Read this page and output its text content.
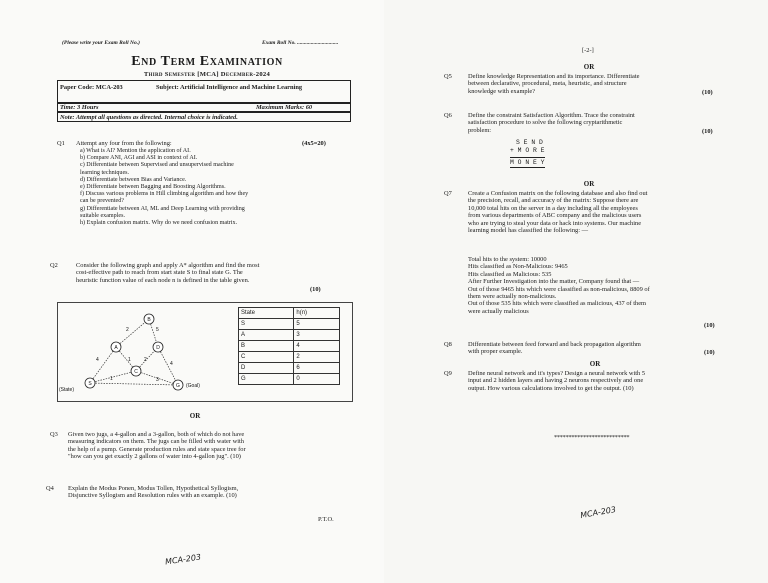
(Please write your Exam Roll No.)	Exam Roll No. ..............................
End Term Examination
Third Semester [MCA] December-2024
Paper Code: MCA-203	Subject: Artificial Intelligence and Machine Learning
Time: 3 Hours	Maximum Marks: 60
Note: Attempt all questions as directed. Internal choice is indicated.
Q1 Attempt any four from the following:	(4x5=20)
a) What is AI? Mention the application of AI.
b) Compare ANI, AGI and ASI in context of AI.
c) Differentiate between Supervised and unsupervised machine
learning techniques.
d) Differentiate between Bias and Variance.
e) Differentiate between Bagging and Boosting Algorithms.
f) Discuss various problems in Hill climbing algorithm and how they
can be prevented?
g) Differentiate between AI, ML and Deep Learning with providing
suitable examples.
h) Explain confusion matrix. Why do we need confusion matrix.
Q2	Consider the following graph and apply A* algorithm and find the most
cost-effective path to reach from start state S to final state G. The
heuristic function value of each node n is defined in the table given.
(10)
S
A
B
C
D
G
(State)
(Goal)
2	5
4	1	2
4
1	3
State	h(n)
S	5
A	3
B	4
C	2
D	6
G	0
OR
Q3 Given two jugs, a 4-gallon and a 3-gallon, both of which do not have
measuring indicators on them. The jugs can be filled with water with
the help of a pump. Generate production rules and state space tree for
"how can you get exactly 2 gallons of water into 4-gallon jug". (10)
Q4 Explain the Modus Ponen, Modus Tollen, Hypothetical Syllogism,
Disjunctive Syllogism and Resolution rules with an example. (10)
P.T.O.
MCA-203
[-2-]
OR
Q5	Define knowledge Representation and its importance. Differentiate
between declarative, procedural, meta, heuristic, and structure
knowledge with example?	(10)
Q6	Define the constraint Satisfaction Algorithm. Trace the constraint
satisfaction procedure to solve the following cryptarithmetic
problem:	(10)
S E N D
+ M O R E
M O N E Y
OR
Q7	Create a Confusion matrix on the following database and also find out
the precision, recall, and accuracy of the matrix: Suppose there are
10,000 total hits on the server in a day including all the employees
from various departments of ABC company and the malicious users
who are trying to steal your data or hack into systems. Our machine
learning model has classified the following: —
Total hits to the system: 10000
Hits classified as Non-Malicious: 9465
Hits classified as Malicious: 535
After Further Investigation into the matter, Company found that —
Out of those 9465 hits which were classified as non-malicious, 8809 of
them were actually non-malicious.
Out of those 535 hits which were classified as malicious, 437 of them
were actually malicious
(10)
Q8	Differentiate between feed forward and back propagation algorithm
with proper example.	(10)
OR
Q9	Define neural network and it's types? Design a neural network with 5
input and 2 hidden layers and having 2 neurons respectively and one
output. How various calculations involved to get the output. (10)
**************************
MCA-203
